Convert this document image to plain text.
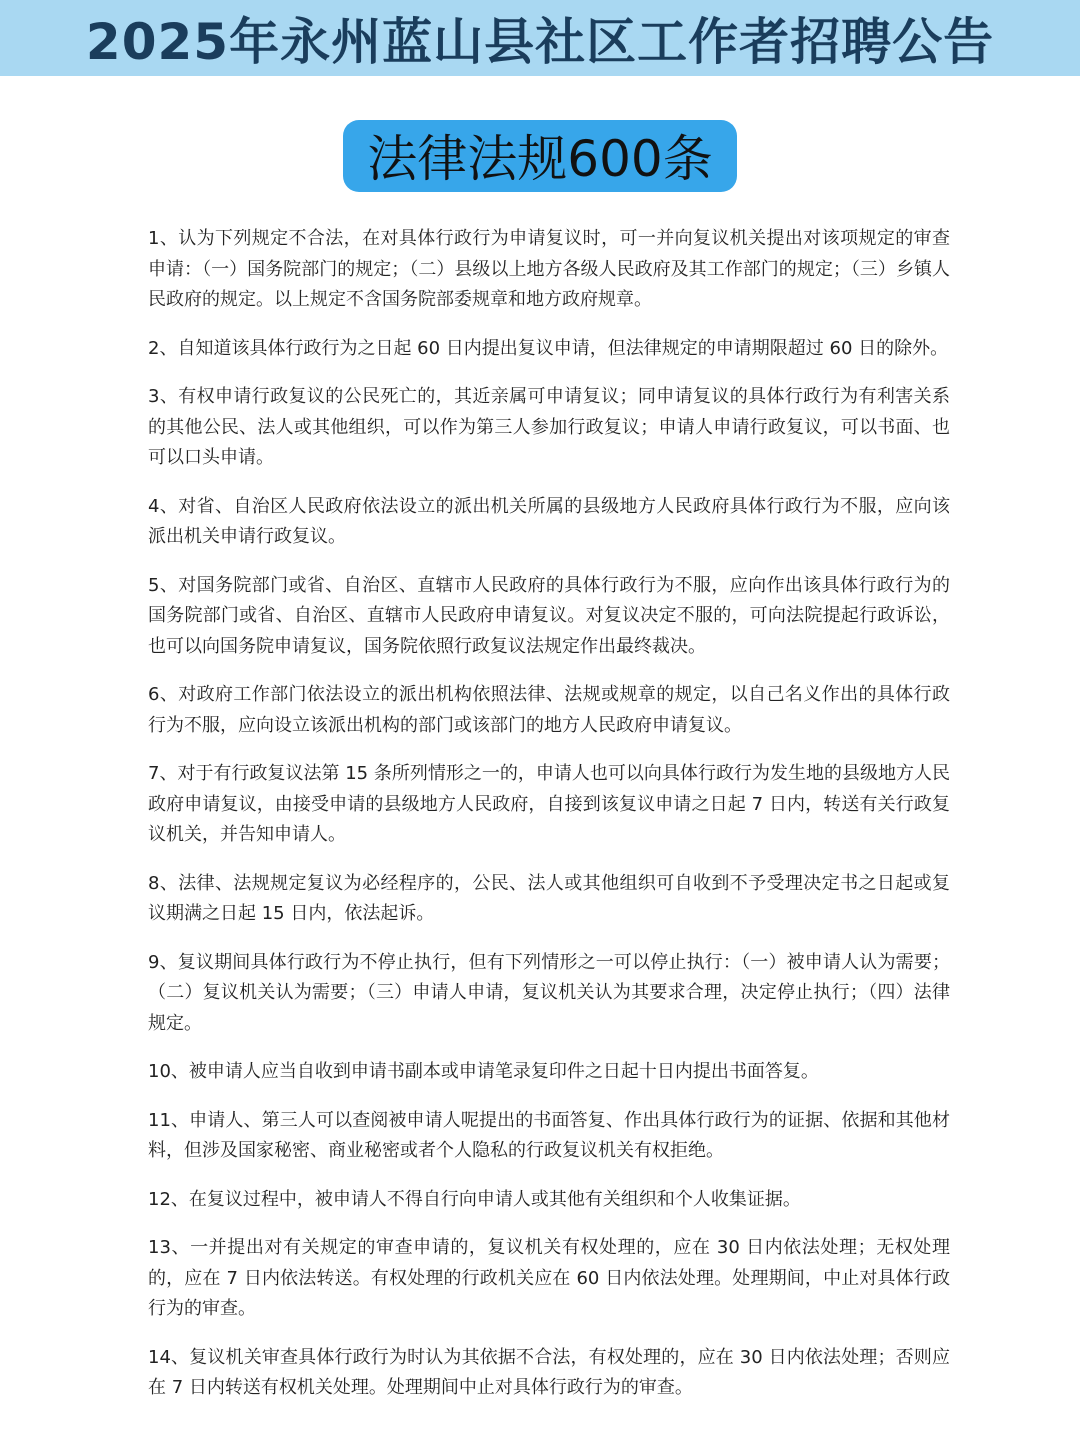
2025年永州蓝山县社区工作者招聘公告
法律法规600条

1、认为下列规定不合法，在对具体行政行为申请复议时，可一并向复议机关提出对该项规定的审查申请：（一）国务院部门的规定；（二）县级以上地方各级人民政府及其工作部门的规定；（三）乡镇人民政府的规定。以上规定不含国务院部委规章和地方政府规章。

2、自知道该具体行政行为之日起 60 日内提出复议申请，但法律规定的申请期限超过 60 日的除外。

3、有权申请行政复议的公民死亡的，其近亲属可申请复议；同申请复议的具体行政行为有利害关系的其他公民、法人或其他组织，可以作为第三人参加行政复议；申请人申请行政复议，可以书面、也可以口头申请。

4、对省、自治区人民政府依法设立的派出机关所属的县级地方人民政府具体行政行为不服，应向该派出机关申请行政复议。

5、对国务院部门或省、自治区、直辖市人民政府的具体行政行为不服，应向作出该具体行政行为的国务院部门或省、自治区、直辖市人民政府申请复议。对复议决定不服的，可向法院提起行政诉讼，也可以向国务院申请复议，国务院依照行政复议法规定作出最终裁决。

6、对政府工作部门依法设立的派出机构依照法律、法规或规章的规定，以自己名义作出的具体行政行为不服，应向设立该派出机构的部门或该部门的地方人民政府申请复议。

7、对于有行政复议法第 15 条所列情形之一的，申请人也可以向具体行政行为发生地的县级地方人民政府申请复议，由接受申请的县级地方人民政府，自接到该复议申请之日起 7 日内，转送有关行政复议机关，并告知申请人。

8、法律、法规规定复议为必经程序的，公民、法人或其他组织可自收到不予受理决定书之日起或复议期满之日起 15 日内，依法起诉。

9、复议期间具体行政行为不停止执行，但有下列情形之一可以停止执行：（一）被申请人认为需要；（二）复议机关认为需要；（三）申请人申请，复议机关认为其要求合理，决定停止执行；（四）法律规定。

10、被申请人应当自收到申请书副本或申请笔录复印件之日起十日内提出书面答复。

11、申请人、第三人可以查阅被申请人呢提出的书面答复、作出具体行政行为的证据、依据和其他材料，但涉及国家秘密、商业秘密或者个人隐私的行政复议机关有权拒绝。

12、在复议过程中，被申请人不得自行向申请人或其他有关组织和个人收集证据。

13、一并提出对有关规定的审查申请的，复议机关有权处理的，应在 30 日内依法处理；无权处理的，应在 7 日内依法转送。有权处理的行政机关应在 60 日内依法处理。处理期间，中止对具体行政行为的审查。

14、复议机关审查具体行政行为时认为其依据不合法，有权处理的，应在 30 日内依法处理；否则应在 7 日内转送有权机关处理。处理期间中止对具体行政行为的审查。
